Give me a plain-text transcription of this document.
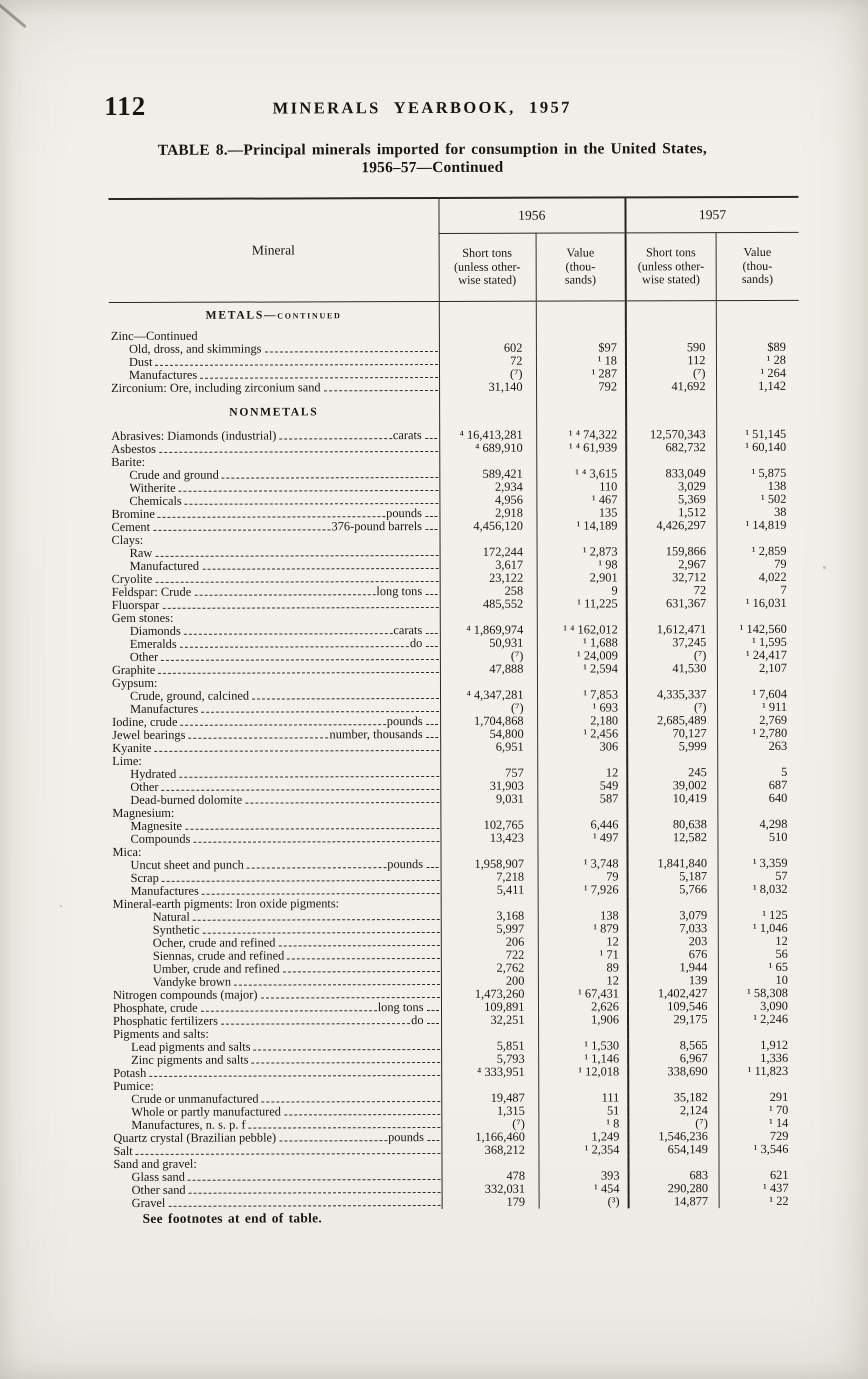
112	MINERALS YEARBOOK, 1957
TABLE 8.—Principal minerals imported for consumption in the United States,
1956–57—Continued
Mineral	1956		1957	
	Short tons
(unless other-
wise stated)	Value
(thou-
sands)	Short tons
(unless other-
wise stated)	Value
(thou-
sands)

METALS—continued				

Zinc—Continued				

Old, dross, and skimmings	602	$97	590	$89

Dust	72	¹ 18	112	¹ 28

Manufactures	(⁷)	¹ 287	(⁷)	¹ 264

Zirconium: Ore, including zirconium sand	31,140	792	41,692	1,142

NONMETALS				

Abrasives: Diamonds (industrial) carats	⁴ 16,413,281	¹ ⁴ 74,322	12,570,343	¹ 51,145

Asbestos	⁴ 689,910	¹ ⁴ 61,939	682,732	¹ 60,140

Barite:				

Crude and ground	589,421	¹ ⁴ 3,615	833,049	¹ 5,875

Witherite	2,934	110	3,029	138

Chemicals	4,956	¹ 467	5,369	¹ 502

Bromine pounds	2,918	135	1,512	38

Cement 376-pound barrels	4,456,120	¹ 14,189	4,426,297	¹ 14,819

Clays:				

Raw	172,244	¹ 2,873	159,866	¹ 2,859

Manufactured	3,617	¹ 98	2,967	79

Cryolite	23,122	2,901	32,712	4,022

Feldspar: Crude long tons	258	9	72	7

Fluorspar	485,552	¹ 11,225	631,367	¹ 16,031

Gem stones:				

Diamonds carats	⁴ 1,869,974	¹ ⁴ 162,012	1,612,471	¹ 142,560

Emeralds do	50,931	¹ 1,688	37,245	¹ 1,595

Other	(⁷)	¹ 24,009	(⁷)	¹ 24,417

Graphite	47,888	¹ 2,594	41,530	2,107

Gypsum:				

Crude, ground, calcined	⁴ 4,347,281	¹ 7,853	4,335,337	¹ 7,604

Manufactures	(⁷)	¹ 693	(⁷)	¹ 911

Iodine, crude pounds	1,704,868	2,180	2,685,489	2,769

Jewel bearings number, thousands	54,800	¹ 2,456	70,127	¹ 2,780

Kyanite	6,951	306	5,999	263

Lime:				

Hydrated	757	12	245	5

Other	31,903	549	39,002	687

Dead-burned dolomite	9,031	587	10,419	640

Magnesium:				

Magnesite	102,765	6,446	80,638	4,298

Compounds	13,423	¹ 497	12,582	510

Mica:				

Uncut sheet and punch pounds	1,958,907	¹ 3,748	1,841,840	¹ 3,359

Scrap	7,218	79	5,187	57

Manufactures	5,411	¹ 7,926	5,766	¹ 8,032

Mineral-earth pigments: Iron oxide pigments:				

Natural	3,168	138	3,079	¹ 125

Synthetic	5,997	¹ 879	7,033	¹ 1,046

Ocher, crude and refined	206	12	203	12

Siennas, crude and refined	722	¹ 71	676	56

Umber, crude and refined	2,762	89	1,944	¹ 65

Vandyke brown	200	12	139	10

Nitrogen compounds (major)	1,473,260	¹ 67,431	1,402,427	¹ 58,308

Phosphate, crude long tons	109,891	2,626	109,546	3,090

Phosphatic fertilizers do	32,251	1,906	29,175	¹ 2,246

Pigments and salts:				

Lead pigments and salts	5,851	¹ 1,530	8,565	1,912

Zinc pigments and salts	5,793	¹ 1,146	6,967	1,336

Potash	⁴ 333,951	¹ 12,018	338,690	¹ 11,823

Pumice:				

Crude or unmanufactured	19,487	111	35,182	291

Whole or partly manufactured	1,315	51	2,124	¹ 70

Manufactures, n. s. p. f	(⁷)	¹ 8	(⁷)	¹ 14

Quartz crystal (Brazilian pebble) pounds	1,166,460	1,249	1,546,236	729

Salt	368,212	¹ 2,354	654,149	¹ 3,546

Sand and gravel:				

Glass sand	478	393	683	621

Other sand	332,031	¹ 454	290,280	¹ 437

Gravel	179	(³)	14,877	¹ 22
See footnotes at end of table.
